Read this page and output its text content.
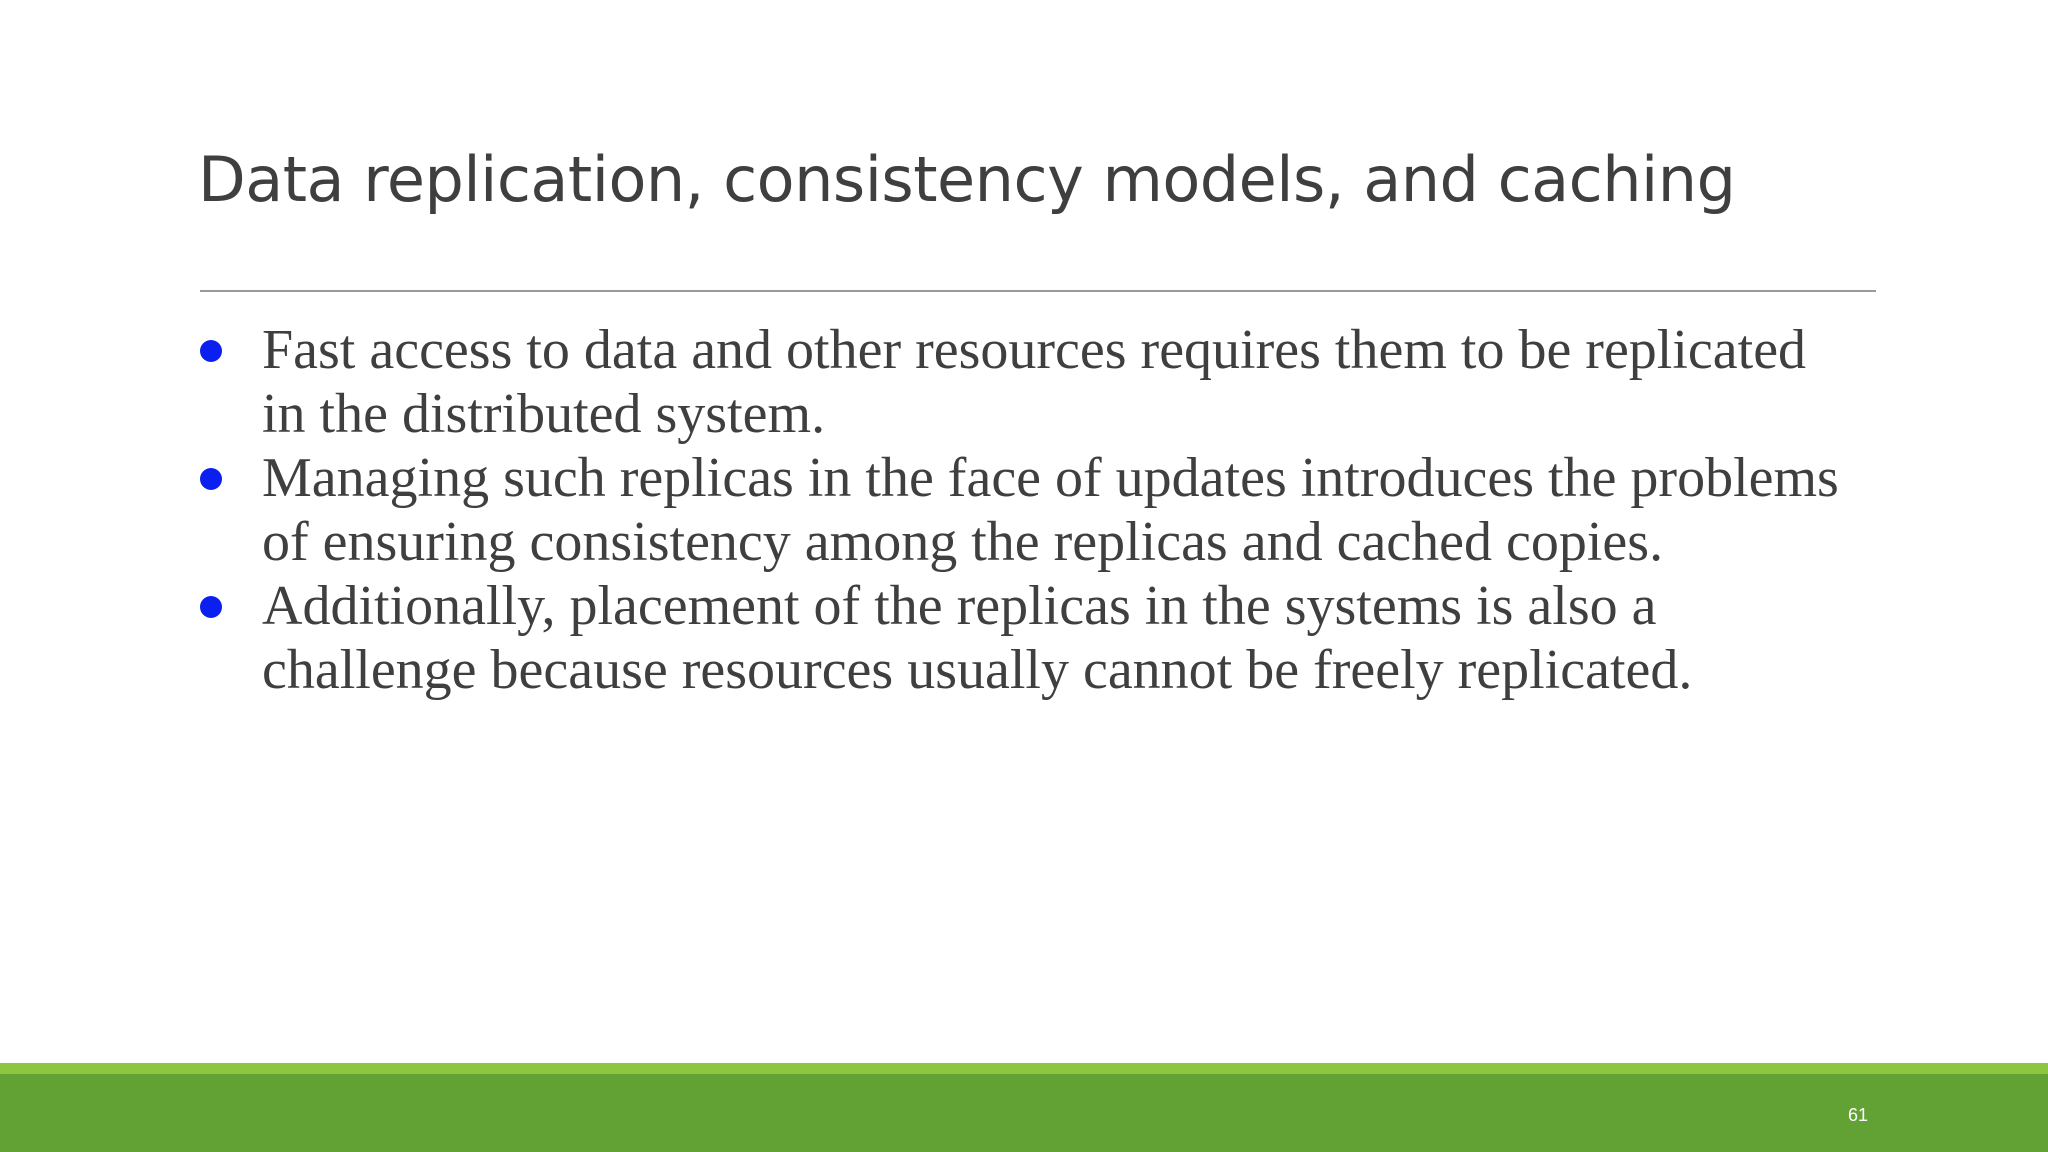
Data replication, consistency models, and caching
Fast access to data and other resources requires them to be replicated in the distributed system.
Managing such replicas in the face of updates introduces the problems of ensuring consistency among the replicas and cached copies.
Additionally, placement of the replicas in the systems is also a challenge because resources usually cannot be freely replicated.
61
